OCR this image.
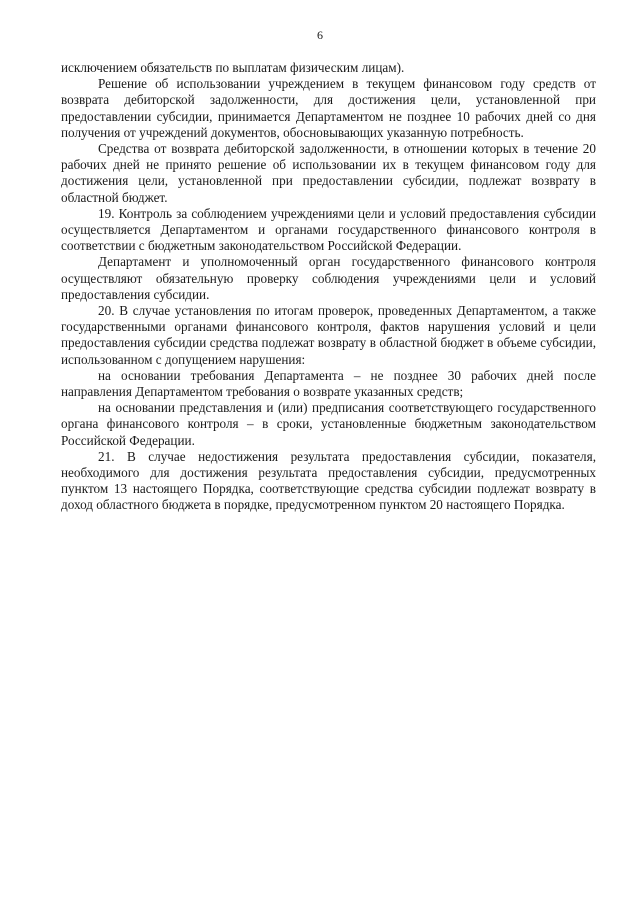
6

исключением обязательств по выплатам физическим лицам).

Решение об использовании учреждением в текущем финансовом году средств от возврата дебиторской задолженности, для достижения цели, установленной при предоставлении субсидии, принимается Департаментом не позднее 10 рабочих дней со дня получения от учреждений документов, обосновывающих указанную потребность.

Средства от возврата дебиторской задолженности, в отношении которых в течение 20 рабочих дней не принято решение об использовании их в текущем финансовом году для достижения цели, установленной при предоставлении субсидии, подлежат возврату в областной бюджет.

19. Контроль за соблюдением учреждениями цели и условий предоставления субсидии осуществляется Департаментом и органами государственного финансового контроля в соответствии с бюджетным законодательством Российской Федерации.

Департамент и уполномоченный орган государственного финансового контроля осуществляют обязательную проверку соблюдения учреждениями цели и условий предоставления субсидии.

20. В случае установления по итогам проверок, проведенных Департаментом, а также государственными органами финансового контроля, фактов нарушения условий и цели предоставления субсидии средства подлежат возврату в областной бюджет в объеме субсидии, использованном с допущением нарушения:

на основании требования Департамента – не позднее 30 рабочих дней после направления Департаментом требования о возврате указанных средств;

на основании представления и (или) предписания соответствующего государственного органа финансового контроля – в сроки, установленные бюджетным законодательством Российской Федерации.

21. В случае недостижения результата предоставления субсидии, показателя, необходимого для достижения результата предоставления субсидии, предусмотренных пунктом 13 настоящего Порядка, соответствующие средства субсидии подлежат возврату в доход областного бюджета в порядке, предусмотренном пунктом 20 настоящего Порядка.
